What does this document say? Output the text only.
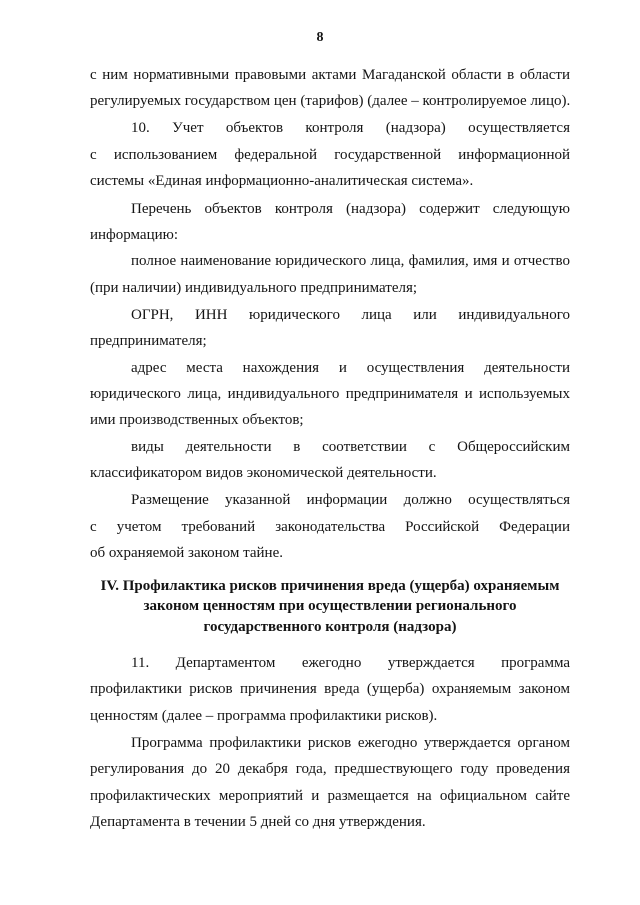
8
с ним нормативными правовыми актами Магаданской области в области
регулируемых государством цен (тарифов) (далее – контролируемое лицо).
10. Учет объектов контроля (надзора) осуществляется
с использованием федеральной государственной информационной
системы «Единая информационно-аналитическая система».
Перечень объектов контроля (надзора) содержит следующую
информацию:
полное наименование юридического лица, фамилия, имя и отчество
(при наличии) индивидуального предпринимателя;
ОГРН, ИНН юридического лица или индивидуального
предпринимателя;
адрес места нахождения и осуществления деятельности
юридического лица, индивидуального предпринимателя и используемых
ими производственных объектов;
виды деятельности в соответствии с Общероссийским
классификатором видов экономической деятельности.
Размещение указанной информации должно осуществляться
с учетом требований законодательства Российской Федерации
об охраняемой законом тайне.
IV. Профилактика рисков причинения вреда (ущерба) охраняемым
законом ценностям при осуществлении регионального
государственного контроля (надзора)
11. Департаментом ежегодно утверждается программа
профилактики рисков причинения вреда (ущерба) охраняемым законом
ценностям (далее – программа профилактики рисков).
Программа профилактики рисков ежегодно утверждается органом
регулирования до 20 декабря года, предшествующего году проведения
профилактических мероприятий и размещается на официальном сайте
Департамента в течении 5 дней со дня утверждения.
